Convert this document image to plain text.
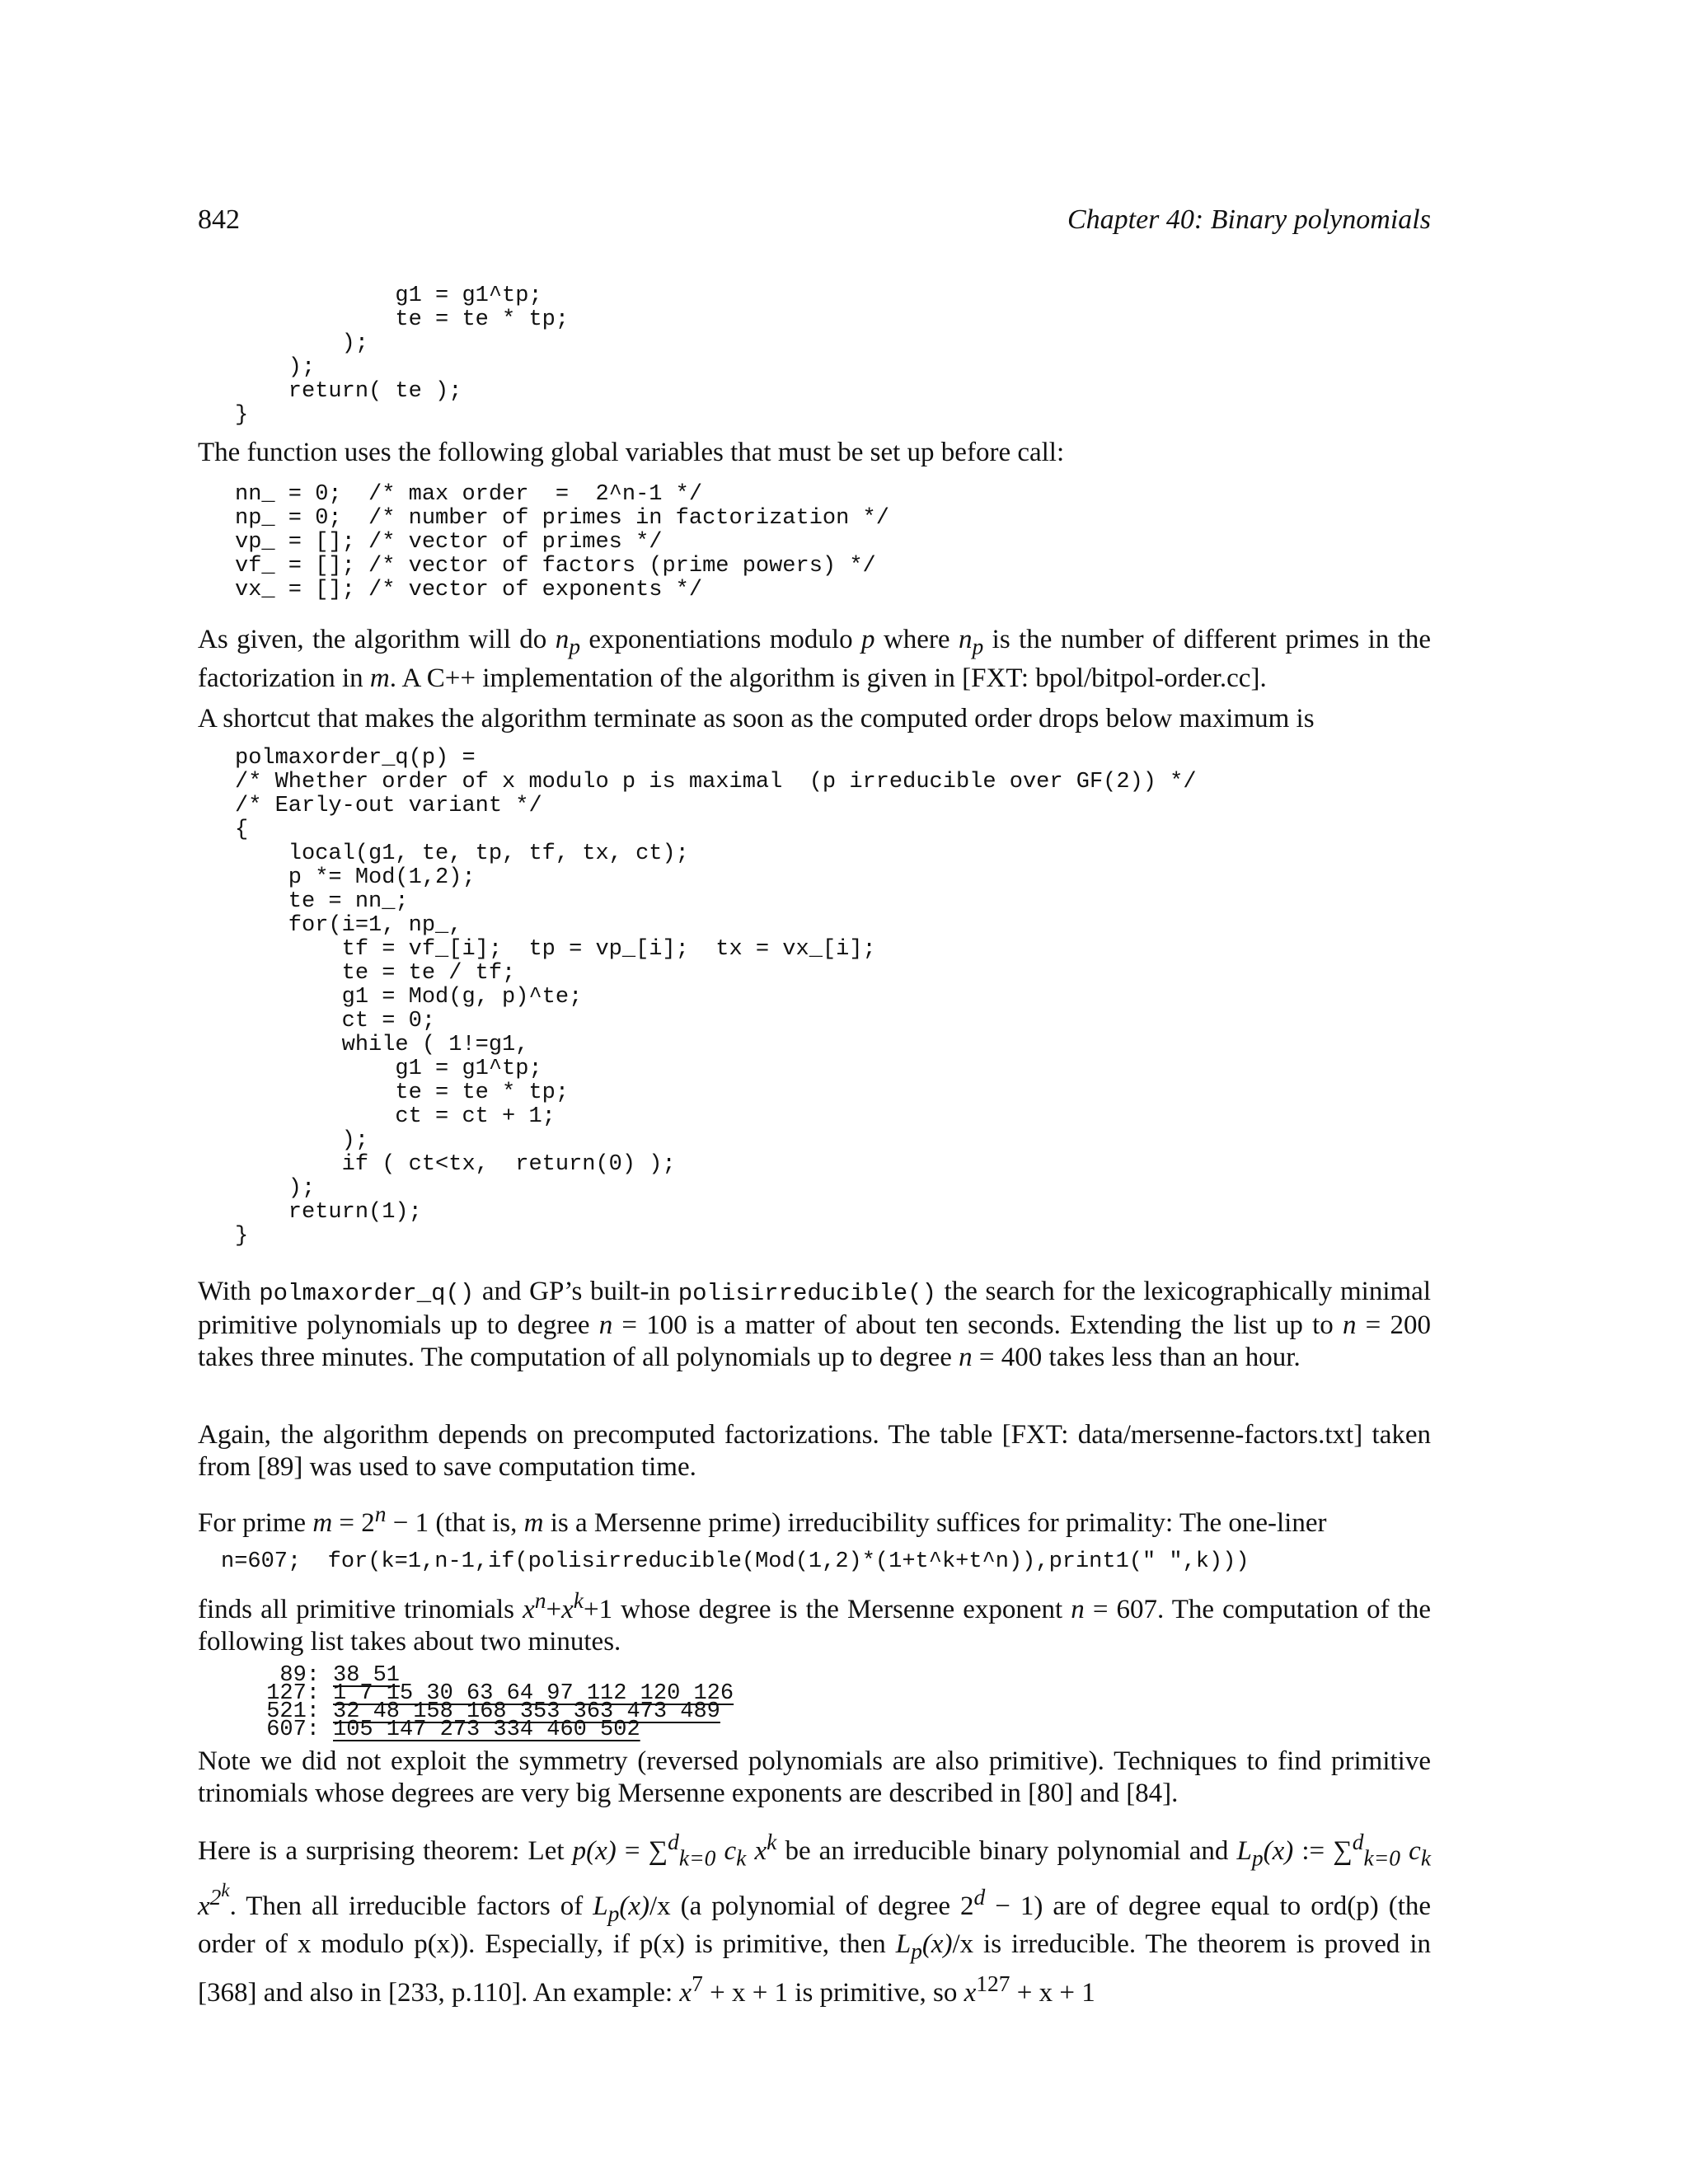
842	Chapter 40: Binary polynomials
g1 = g1^tp;
te = te * tp;
);
);
return( te );
}

The function uses the following global variables that must be set up before call:

nn_ = 0;  /* max order  =  2^n-1 */
np_ = 0;  /* number of primes in factorization */
vp_ = []; /* vector of primes */
vf_ = []; /* vector of factors (prime powers) */
vx_ = []; /* vector of exponents */

As given, the algorithm will do $n_p$ exponentiations modulo p where $n_p$ is the number of different primes in the factorization in m. A C++ implementation of the algorithm is given in [FXT: bpol/bitpol-order.cc].

A shortcut that makes the algorithm terminate as soon as the computed order drops below maximum is

polmaxorder_q(p) =
/* Whether order of x modulo p is maximal  (p irreducible over GF(2)) */
/* Early-out variant */
{
local(g1, te, tp, tf, tx, ct);
p *= Mod(1,2);
te = nn_;
for(i=1, np_,
tf = vf_[i];  tp = vp_[i];  tx = vx_[i];
te = te / tf;
g1 = Mod(g, p)^te;
ct = 0;
while ( 1!=g1,
g1 = g1^tp;
te = te * tp;
ct = ct + 1;
);
if ( ct<tx,  return(0) );
);
return(1);
}

With polmaxorder_q() and GP’s built-in polisirreducible() the search for the lexicographically minimal primitive polynomials up to degree n = 100 is a matter of about ten seconds. Extending the list up to n = 200 takes three minutes. The computation of all polynomials up to degree n = 400 takes less than an hour.

Again, the algorithm depends on precomputed factorizations. The table [FXT: data/mersenne-factors.txt] taken from [89] was used to save computation time.

For prime $m = 2^n - 1$ (that is, m is a Mersenne prime) irreducibility suffices for primality: The one-liner

n=607;  for(k=1,n-1,if(polisirreducible(Mod(1,2)*(1+t^k+t^n)),print1(" ",k)))

finds all primitive trinomials $x^n+x^k+1$ whose degree is the Mersenne exponent n = 607. The computation of the following list takes about two minutes.

89: 38 51
127: 1 7 15 30 63 64 97 112 120 126
521: 32 48 158 168 353 363 473 489
607: 105 147 273 334 460 502

Note we did not exploit the symmetry (reversed polynomials are also primitive). Techniques to find primitive trinomials whose degrees are very big Mersenne exponents are described in [80] and [84].

Here is a surprising theorem: Let p(x) = ∑$^d_{k=0}$ $c_k$ $x^k$ be an irreducible binary polynomial and $L_p(x)$ := ∑$^d_{k=0}$ $c_k$ $x^{2^k}$. Then all irreducible factors of $L_p(x)/x$ (a polynomial of degree $2^d - 1$) are of degree equal to ord(p) (the order of x modulo p(x)). Especially, if p(x) is primitive, then $L_p(x)/x$ is irreducible. The theorem is proved in [368] and also in [233, p.110]. An example: $x^7 + x + 1$ is primitive, so $x^{127} + x + 1$
